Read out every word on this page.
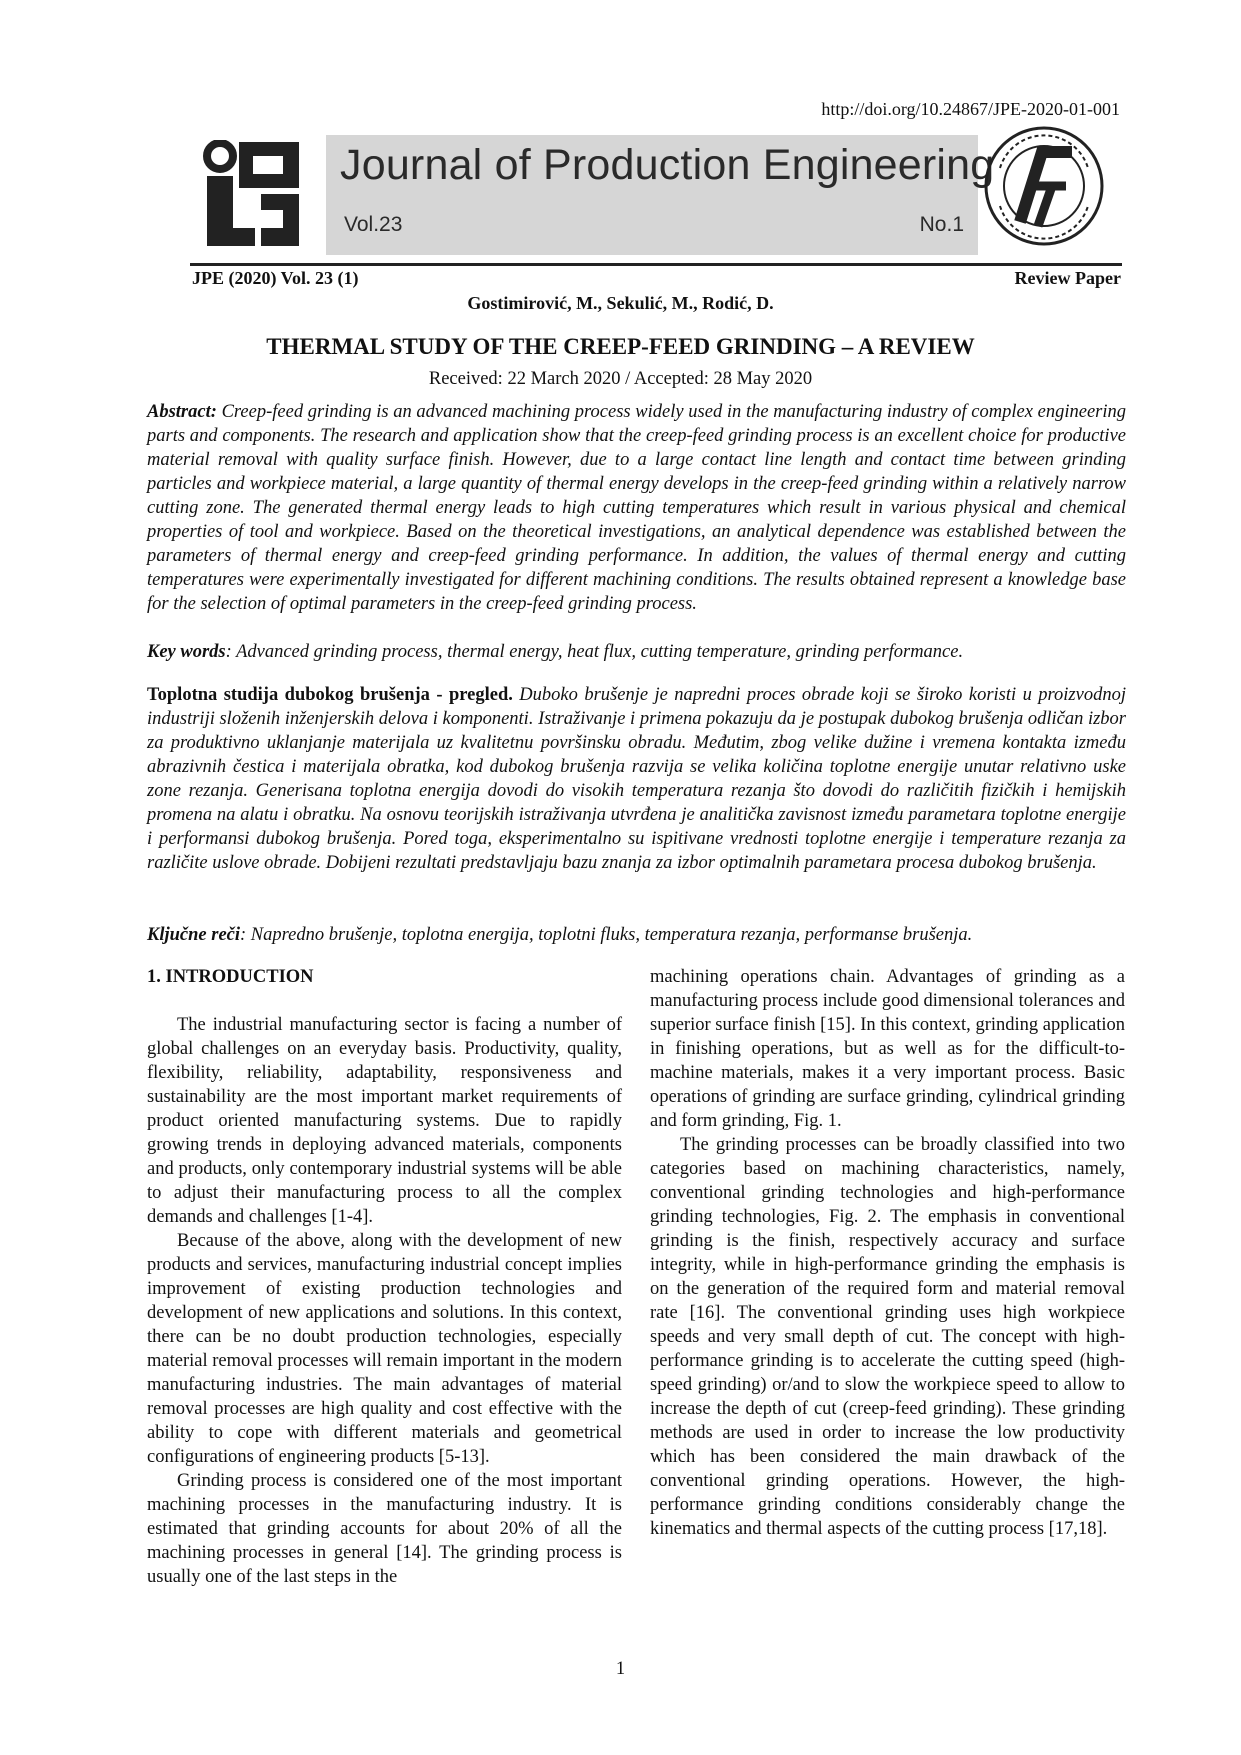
http://doi.org/10.24867/JPE-2020-01-001
Journal of Production Engineering
Vol.23	No.1
JPE (2020) Vol. 23 (1)	Review Paper
Gostimirović, M., Sekulić, M., Rodić, D.
THERMAL STUDY OF THE CREEP-FEED GRINDING – A REVIEW
Received: 22 March 2020 / Accepted: 28 May 2020
Abstract: Creep-feed grinding is an advanced machining process widely used in the manufacturing industry of complex engineering parts and components. The research and application show that the creep-feed grinding process is an excellent choice for productive material removal with quality surface finish. However, due to a large contact line length and contact time between grinding particles and workpiece material, a large quantity of thermal energy develops in the creep-feed grinding within a relatively narrow cutting zone. The generated thermal energy leads to high cutting temperatures which result in various physical and chemical properties of tool and workpiece. Based on the theoretical investigations, an analytical dependence was established between the parameters of thermal energy and creep-feed grinding performance. In addition, the values of thermal energy and cutting temperatures were experimentally investigated for different machining conditions. The results obtained represent a knowledge base for the selection of optimal parameters in the creep-feed grinding process.
Key words: Advanced grinding process, thermal energy, heat flux, cutting temperature, grinding performance.
Toplotna studija dubokog brušenja - pregled. Duboko brušenje je napredni proces obrade koji se široko koristi u proizvodnoj industriji složenih inženjerskih delova i komponenti. Istraživanje i primena pokazuju da je postupak dubokog brušenja odličan izbor za produktivno uklanjanje materijala uz kvalitetnu površinsku obradu. Međutim, zbog velike dužine i vremena kontakta između abrazivnih čestica i materijala obratka, kod dubokog brušenja razvija se velika količina toplotne energije unutar relativno uske zone rezanja. Generisana toplotna energija dovodi do visokih temperatura rezanja što dovodi do različitih fizičkih i hemijskih promena na alatu i obratku. Na osnovu teorijskih istraživanja utvrđena je analitička zavisnost između parametara toplotne energije i performansi dubokog brušenja. Pored toga, eksperimentalno su ispitivane vrednosti toplotne energije i temperature rezanja za različite uslove obrade. Dobijeni rezultati predstavljaju bazu znanja za izbor optimalnih parametara procesa dubokog brušenja.
Ključne reči: Napredno brušenje, toplotna energija, toplotni fluks, temperatura rezanja, performanse brušenja.

1. INTRODUCTION

The industrial manufacturing sector is facing a number of global challenges on an everyday basis. Productivity, quality, flexibility, reliability, adaptability, responsiveness and sustainability are the most important market requirements of product oriented manufacturing systems. Due to rapidly growing trends in deploying advanced materials, components and products, only contemporary industrial systems will be able to adjust their manufacturing process to all the complex demands and challenges [1-4].

Because of the above, along with the development of new products and services, manufacturing industrial concept implies improvement of existing production technologies and development of new applications and solutions. In this context, there can be no doubt production technologies, especially material removal processes will remain important in the modern manufacturing industries. The main advantages of material removal processes are high quality and cost effective with the ability to cope with different materials and geometrical configurations of engineering products [5-13].

Grinding process is considered one of the most important machining processes in the manufacturing industry. It is estimated that grinding accounts for about 20% of all the machining processes in general [14]. The grinding process is usually one of the last steps in the

machining operations chain. Advantages of grinding as a manufacturing process include good dimensional tolerances and superior surface finish [15]. In this context, grinding application in finishing operations, but as well as for the difficult-to-machine materials, makes it a very important process. Basic operations of grinding are surface grinding, cylindrical grinding and form grinding, Fig. 1.

The grinding processes can be broadly classified into two categories based on machining characteristics, namely, conventional grinding technologies and high-performance grinding technologies, Fig. 2. The emphasis in conventional grinding is the finish, respectively accuracy and surface integrity, while in high-performance grinding the emphasis is on the generation of the required form and material removal rate [16]. The conventional grinding uses high workpiece speeds and very small depth of cut. The concept with high-performance grinding is to accelerate the cutting speed (high-speed grinding) or/and to slow the workpiece speed to allow to increase the depth of cut (creep-feed grinding). These grinding methods are used in order to increase the low productivity which has been considered the main drawback of the conventional grinding operations. However, the high-performance grinding conditions considerably change the kinematics and thermal aspects of the cutting process [17,18].

1
